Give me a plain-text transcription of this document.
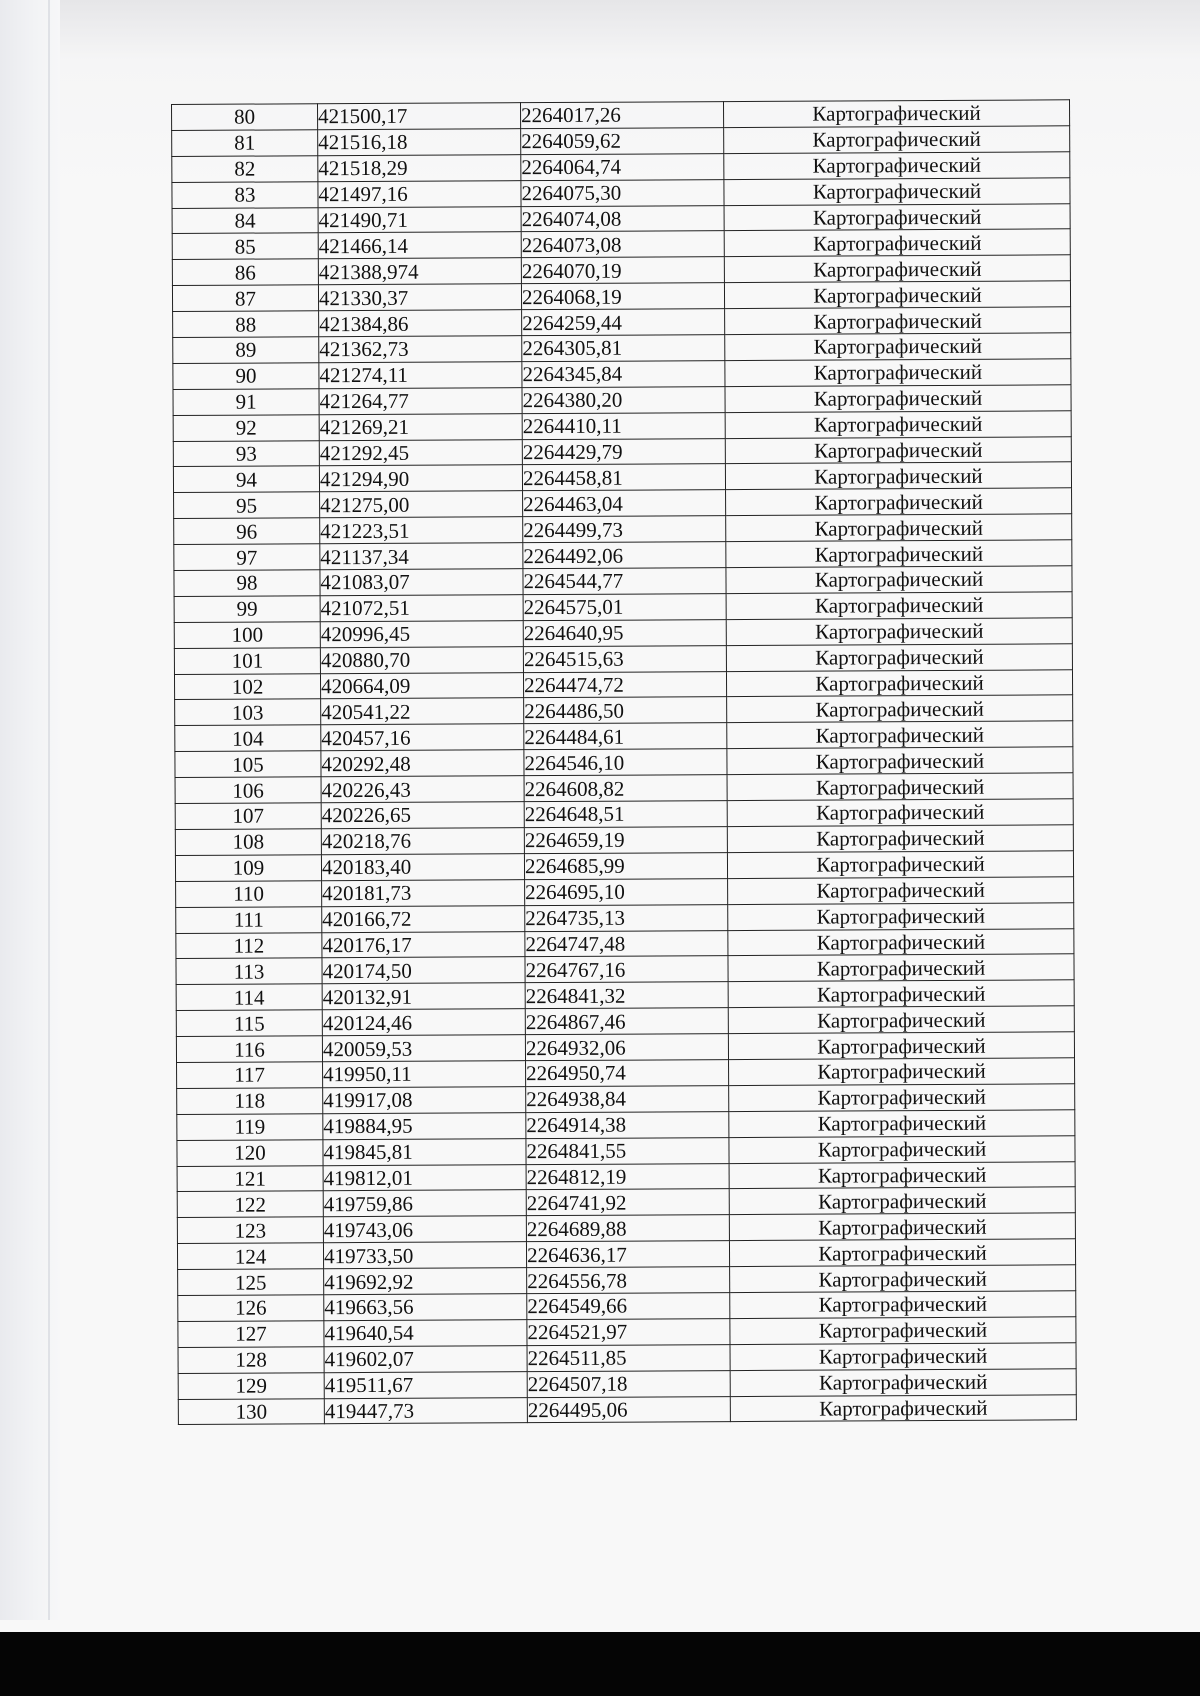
80	421500,17	2264017,26	Картографический
81	421516,18	2264059,62	Картографический
82	421518,29	2264064,74	Картографический
83	421497,16	2264075,30	Картографический
84	421490,71	2264074,08	Картографический
85	421466,14	2264073,08	Картографический
86	421388,974	2264070,19	Картографический
87	421330,37	2264068,19	Картографический
88	421384,86	2264259,44	Картографический
89	421362,73	2264305,81	Картографический
90	421274,11	2264345,84	Картографический
91	421264,77	2264380,20	Картографический
92	421269,21	2264410,11	Картографический
93	421292,45	2264429,79	Картографический
94	421294,90	2264458,81	Картографический
95	421275,00	2264463,04	Картографический
96	421223,51	2264499,73	Картографический
97	421137,34	2264492,06	Картографический
98	421083,07	2264544,77	Картографический
99	421072,51	2264575,01	Картографический
100	420996,45	2264640,95	Картографический
101	420880,70	2264515,63	Картографический
102	420664,09	2264474,72	Картографический
103	420541,22	2264486,50	Картографический
104	420457,16	2264484,61	Картографический
105	420292,48	2264546,10	Картографический
106	420226,43	2264608,82	Картографический
107	420226,65	2264648,51	Картографический
108	420218,76	2264659,19	Картографический
109	420183,40	2264685,99	Картографический
110	420181,73	2264695,10	Картографический
111	420166,72	2264735,13	Картографический
112	420176,17	2264747,48	Картографический
113	420174,50	2264767,16	Картографический
114	420132,91	2264841,32	Картографический
115	420124,46	2264867,46	Картографический
116	420059,53	2264932,06	Картографический
117	419950,11	2264950,74	Картографический
118	419917,08	2264938,84	Картографический
119	419884,95	2264914,38	Картографический
120	419845,81	2264841,55	Картографический
121	419812,01	2264812,19	Картографический
122	419759,86	2264741,92	Картографический
123	419743,06	2264689,88	Картографический
124	419733,50	2264636,17	Картографический
125	419692,92	2264556,78	Картографический
126	419663,56	2264549,66	Картографический
127	419640,54	2264521,97	Картографический
128	419602,07	2264511,85	Картографический
129	419511,67	2264507,18	Картографический
130	419447,73	2264495,06	Картографический
